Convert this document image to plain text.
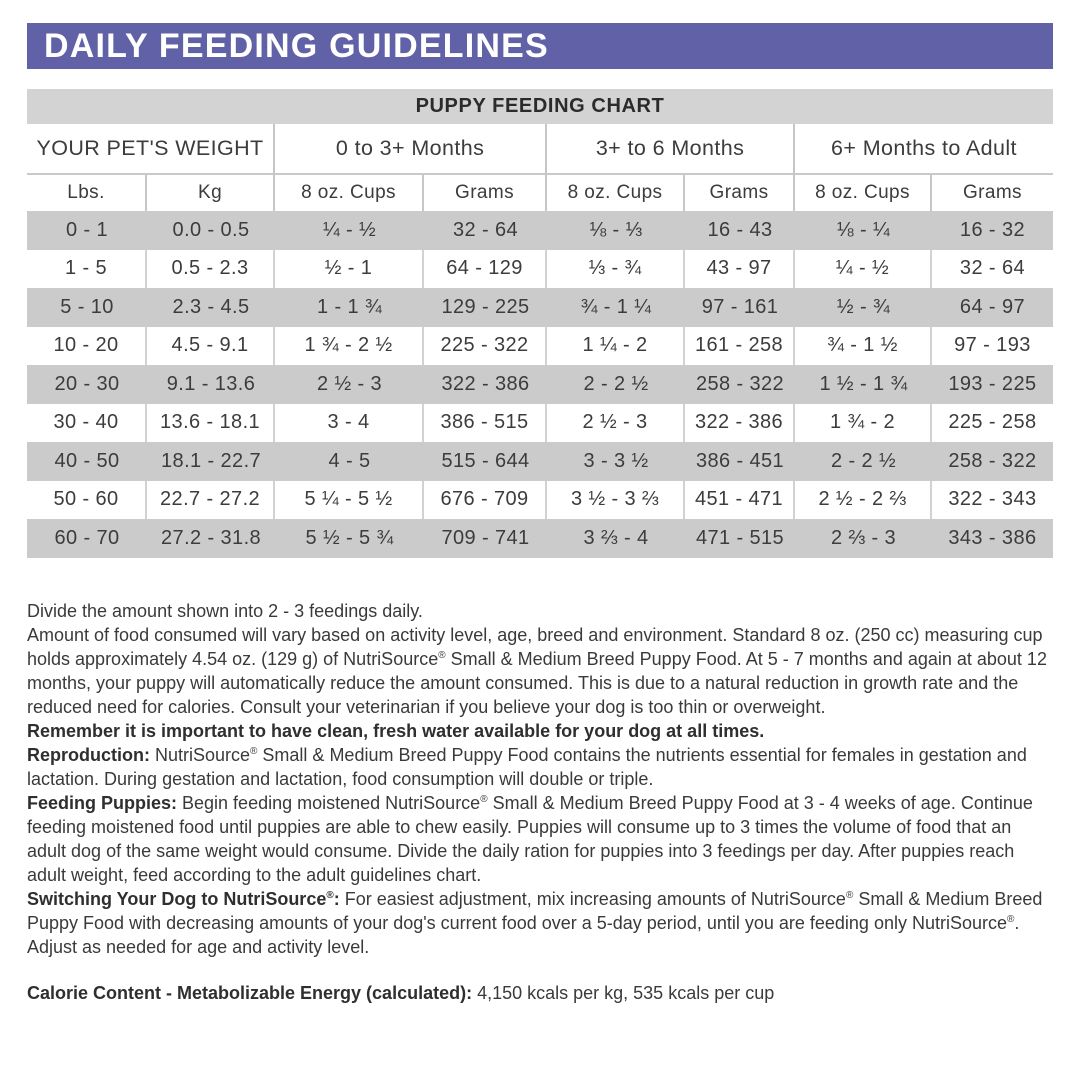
DAILY FEEDING GUIDELINES
PUPPY FEEDING CHART
YOUR PET'S WEIGHT	0 to 3+ Months	3+ to 6 Months	6+ Months to Adult
Lbs.	Kg	8 oz. Cups	Grams	8 oz. Cups	Grams	8 oz. Cups	Grams
0 - 1	0.0 - 0.5	¼ - ½	32 - 64	⅛ - ⅓	16 - 43	⅛ - ¼	16 - 32
1 - 5	0.5 - 2.3	½ - 1	64 - 129	⅓ - ¾	43 - 97	¼ - ½	32 - 64
5 - 10	2.3 - 4.5	1 - 1 ¾	129 - 225	¾ - 1 ¼	97 - 161	½ - ¾	64 - 97
10 - 20	4.5 - 9.1	1 ¾ - 2 ½	225 - 322	1 ¼ - 2	161 - 258	¾ - 1 ½	97 - 193
20 - 30	9.1 - 13.6	2 ½ - 3	322 - 386	2 - 2 ½	258 - 322	1 ½ - 1 ¾	193 - 225
30 - 40	13.6 - 18.1	3 - 4	386 - 515	2 ½ - 3	322 - 386	1 ¾ - 2	225 - 258
40 - 50	18.1 - 22.7	4 - 5	515 - 644	3 - 3 ½	386 - 451	2 - 2 ½	258 - 322
50 - 60	22.7 - 27.2	5 ¼ - 5 ½	676 - 709	3 ½ - 3 ⅔	451 - 471	2 ½ - 2 ⅔	322 - 343
60 - 70	27.2 - 31.8	5 ½ - 5 ¾	709 - 741	3 ⅔ - 4	471 - 515	2 ⅔ - 3	343 - 386

Divide the amount shown into 2 - 3 feedings daily.

Amount of food consumed will vary based on activity level, age, breed and environment. Standard 8 oz. (250 cc) measuring cup holds approximately 4.54 oz. (129 g) of NutriSource® Small & Medium Breed Puppy Food. At 5 - 7 months and again at about 12 months, your puppy will automatically reduce the amount consumed. This is due to a natural reduction in growth rate and the reduced need for calories. Consult your veterinarian if you believe your dog is too thin or overweight.

Remember it is important to have clean, fresh water available for your dog at all times.

Reproduction: NutriSource® Small & Medium Breed Puppy Food contains the nutrients essential for females in gestation and lactation. During gestation and lactation, food consumption will double or triple.

Feeding Puppies: Begin feeding moistened NutriSource® Small & Medium Breed Puppy Food at 3 - 4 weeks of age. Continue feeding moistened food until puppies are able to chew easily. Puppies will consume up to 3 times the volume of food that an adult dog of the same weight would consume. Divide the daily ration for puppies into 3 feedings per day. After puppies reach adult weight, feed according to the adult guidelines chart.

Switching Your Dog to NutriSource®: For easiest adjustment, mix increasing amounts of NutriSource® Small & Medium Breed Puppy Food with decreasing amounts of your dog's current food over a 5-day period, until you are feeding only NutriSource®. Adjust as needed for age and activity level.

Calorie Content - Metabolizable Energy (calculated): 4,150 kcals per kg, 535 kcals per cup
